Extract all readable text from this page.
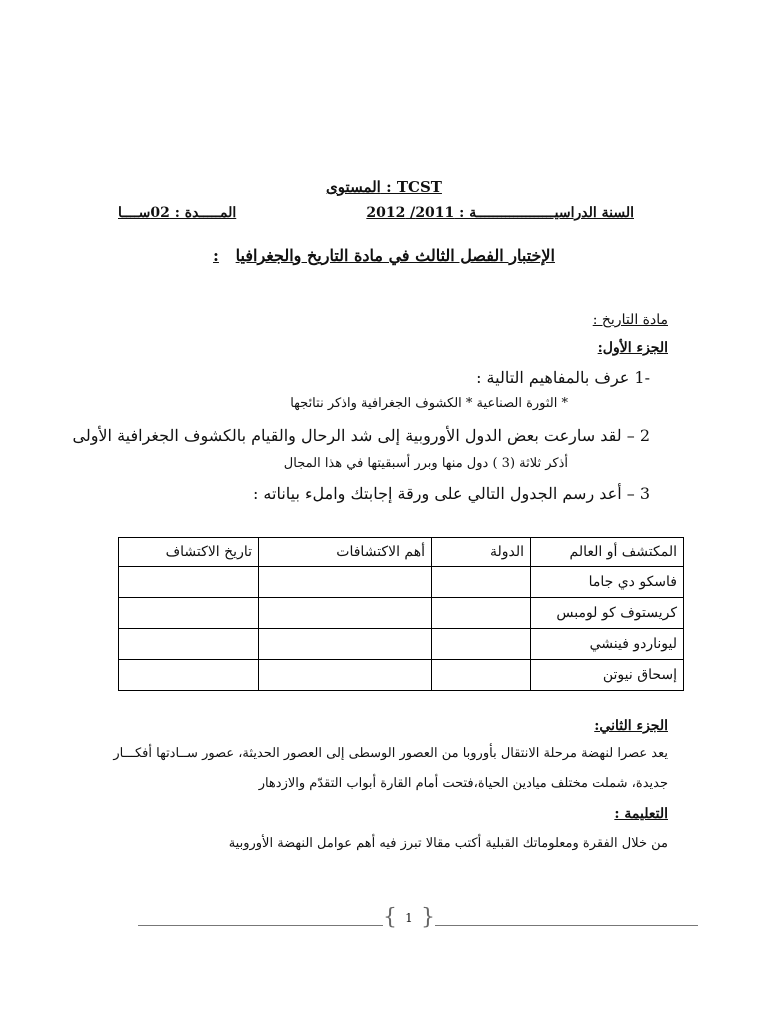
المستوى : TCST
السنة الدراسيـــــــــــــــــــة : 2011/ 2012
المـــــدة : 02ســــا
الإختبار الفصل الثالث في مادة التاريخ والجغرافيا   :
مادة التاريخ :
الجزء الأول:
-1 عرف بالمفاهيم التالية :
* الثورة الصناعية * الكشوف الجغرافية واذكر نتائجها
2 – لقد سارعت بعض الدول الأوروبية إلى شد الرحال والقيام بالكشوف الجغرافية الأولى
أذكر ثلاثة (3 ) دول منها وبرر أسبقيتها في هذا المجال
3 – أعد رسم الجدول التالي على ورقة إجابتك واملء بياناته :
المكتشف أو العالم	الدولة	أهم الاكتشافات	تاريخ الاكتشاف
فاسكو دي جاما			
كريستوف كو لومبس			
ليوناردو فينشي			
إسحاق نيوتن			
الجزء الثاني:
يعد عصرا لنهضة مرحلة الانتقال بأوروبا من العصور الوسطى إلى العصور الحديثة، عصور ســادتها أفكـــار
جديدة، شملت مختلف ميادين الحياة،فتحت أمام القارة أبواب التقدّم والازدهار
التعليمة :
من خلال الفقرة ومعلوماتك القبلية أكتب مقالا تبرز فيه أهم عوامل النهضة الأوروبية
{ 1 }
